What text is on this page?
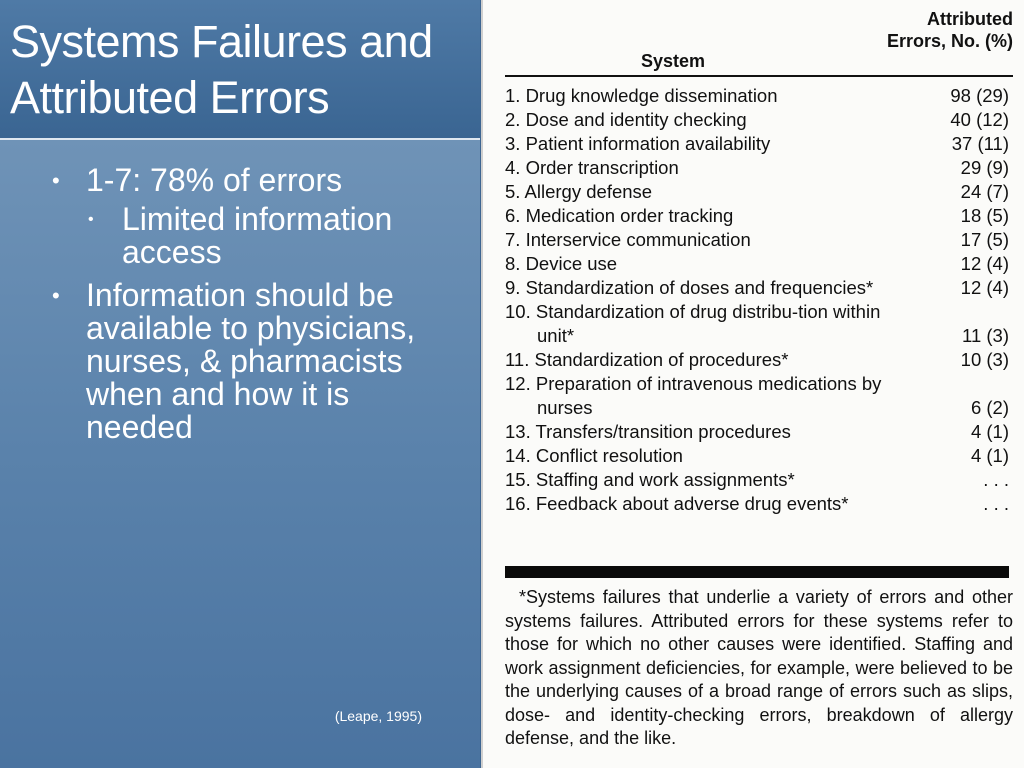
Systems Failures and Attributed Errors
• 1-7: 78% of errors
• Limited information access
• Information should be available to physicians, nurses, & pharmacists when and how it is needed
(Leape, 1995)

Attributed Errors, No. (%)

System

1. Drug knowledge dissemination	98 (29)
2. Dose and identity checking	40 (12)
3. Patient information availability	37 (11)
4. Order transcription	29 (9)
5. Allergy defense	24 (7)
6. Medication order tracking	18 (5)
7. Interservice communication	17 (5)
8. Device use	12 (4)
9. Standardization of doses and frequencies*	12 (4)
10. Standardization of drug distribu-tion within unit*	11 (3)
11. Standardization of procedures*	10 (3)
12. Preparation of intravenous medications by nurses	6 (2)
13. Transfers/transition procedures	4 (1)
14. Conflict resolution	4 (1)
15. Staffing and work assignments*	. . .
16. Feedback about adverse drug events*	. . .

*Systems failures that underlie a variety of errors and other systems failures. Attributed errors for these systems refer to those for which no other causes were identified. Staffing and work assignment deficiencies, for example, were believed to be the underlying causes of a broad range of errors such as slips, dose- and identity-checking errors, breakdown of allergy defense, and the like.
